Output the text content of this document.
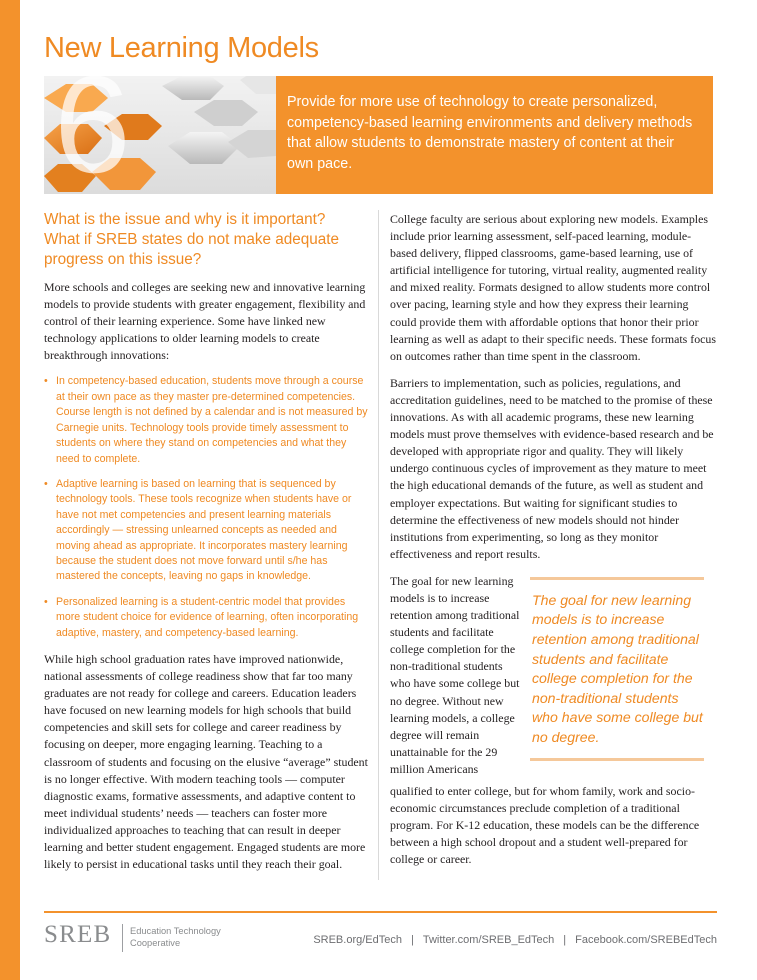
New Learning Models
6	Provide for more use of technology to create personalized, competency-based learning environments and delivery methods that allow students to demonstrate mastery of content at their own pace.

What is the issue and why is it important?
What if SREB states do not make adequate progress on this issue?

More schools and colleges are seeking new and innovative learning models to provide students with greater engagement, flexibility and control of their learning experience. Some have linked new technology applications to older learning models to create breakthrough innovations:

• In competency-based education, students move through a course at their own pace as they master pre-determined competencies. Course length is not defined by a calendar and is not measured by Carnegie units. Technology tools provide timely assessment to students on where they stand on competencies and what they need to complete.
• Adaptive learning is based on learning that is sequenced by technology tools. These tools recognize when students have or have not met competencies and present learning materials accordingly — stressing unlearned concepts as needed and moving ahead as appropriate. It incorporates mastery learning because the student does not move forward until s/he has mastered the concepts, leaving no gaps in knowledge.
• Personalized learning is a student-centric model that provides more student choice for evidence of learning, often incorporating adaptive, mastery, and competency-based learning.

While high school graduation rates have improved nationwide, national assessments of college readiness show that far too many graduates are not ready for college and careers. Education leaders have focused on new learning models for high schools that build competencies and skill sets for college and career readiness by focusing on deeper, more engaging learning. Teaching to a classroom of students and focusing on the elusive “average” student is no longer effective. With modern teaching tools — computer diagnostic exams, formative assessments, and adaptive content to meet individual students’ needs — teachers can foster more individualized approaches to teaching that can result in deeper learning and better student engagement. Engaged students are more likely to persist in educational tasks until they reach their goal.

College faculty are serious about exploring new models. Examples include prior learning assessment, self-paced learning, module-based delivery, flipped classrooms, game-based learning, use of artificial intelligence for tutoring, virtual reality, augmented reality and mixed reality. Formats designed to allow students more control over pacing, learning style and how they express their learning could provide them with affordable options that honor their prior learning as well as adapt to their specific needs. These formats focus on outcomes rather than time spent in the classroom.

Barriers to implementation, such as policies, regulations, and accreditation guidelines, need to be matched to the promise of these innovations. As with all academic programs, these new learning models must prove themselves with evidence-based research and be developed with appropriate rigor and quality. They will likely undergo continuous cycles of improvement as they mature to meet the high educational demands of the future, as well as student and employer expectations. But waiting for significant studies to determine the effectiveness of new models should not hinder institutions from experimenting, so long as they monitor effectiveness and report results.

The goal for new learning models is to increase retention among traditional students and facilitate college completion for the non-traditional students who have some college but no degree. Without new learning models, a college degree will remain unattainable for the 29 million Americans

The goal for new learning models is to increase retention among traditional students and facilitate college completion for the non-traditional students who have some college but no degree.

qualified to enter college, but for whom family, work and socio-economic circumstances preclude completion of a traditional program. For K-12 education, these models can be the difference between a high school dropout and a student well-prepared for college or career.

SREB Education Technology Cooperative	SREB.org/EdTech | Twitter.com/SREB_EdTech | Facebook.com/SREBEdTech
